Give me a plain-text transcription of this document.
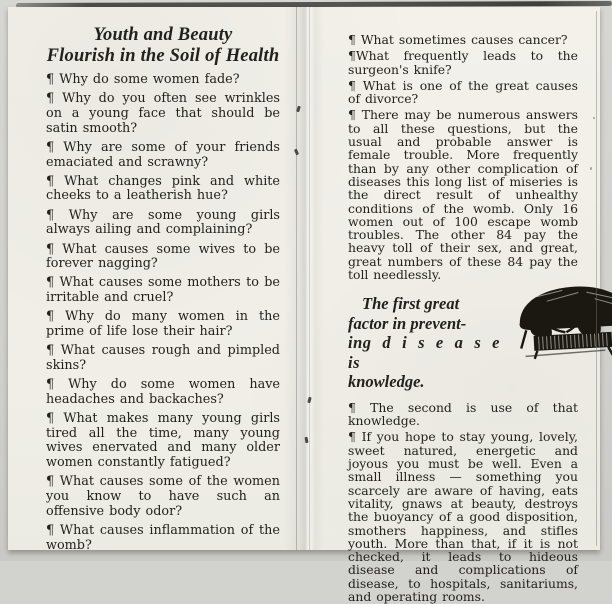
Youth and Beauty
Flourish in the Soil of Health

¶ Why do some women fade?

¶ Why do you often see wrinkles on a young face that should be satin smooth?

¶ Why are some of your friends emaciated and scrawny?

¶ What changes pink and white cheeks to a leatherish hue?

¶ Why are some young girls always ailing and complaining?

¶ What causes some wives to be forever nagging?

¶ What causes some mothers to be irritable and cruel?

¶ Why do many women in the prime of life lose their hair?

¶ What causes rough and pimpled skins?

¶ Why do some women have headaches and backaches?

¶ What makes many young girls tired all the time, many young wives enervated and many older women constantly fatigued?

¶ What causes some of the women you know to have such an offensive body odor?

¶ What causes inflammation of the womb?

¶ What sometimes causes cancer?

¶What frequently leads to the surgeon's knife?

¶ What is one of the great causes of divorce?

¶ There may be numerous answers to all these questions, but the usual and probable answer is female trouble. More frequently than by any other complication of diseases this long list of miseries is the direct result of unhealthy conditions of the womb. Only 16 women out of 100 escape womb troubles. The other 84 pay the heavy toll of their sex, and great, great numbers of these 84 pay the toll needlessly.

The first great
factor in prevent-
ing d i s e a s e is
knowledge.

¶ The second is use of that knowledge.

¶ If you hope to stay young, lovely, sweet natured, energetic and joyous you must be well. Even a small illness — something you scarcely are aware of having, eats vitality, gnaws at beauty, destroys the buoyancy of a good disposition, smothers happiness, and stifles youth. More than that, if it is not checked, it leads to hideous disease and complications of disease, to hospitals, sanitariums, and operating rooms.
